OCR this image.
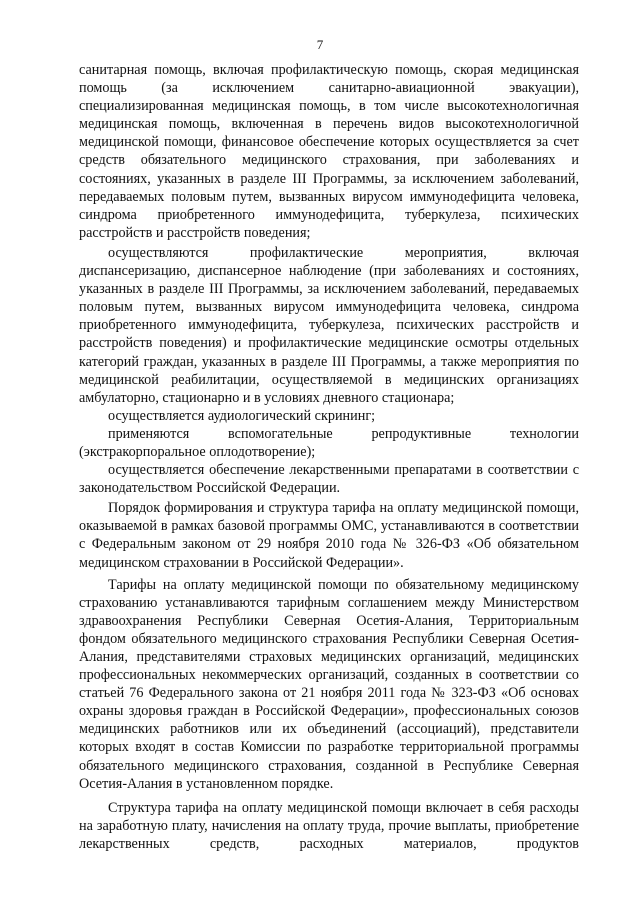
7

санитарная помощь, включая профилактическую помощь, скорая медицинская помощь (за исключением санитарно-авиационной эвакуации), специализированная медицинская помощь, в том числе высокотехнологичная медицинская помощь, включенная в перечень видов высокотехнологичной медицинской помощи, финансовое обеспечение которых осуществляется за счет средств обязательного медицинского страхования, при заболеваниях и состояниях, указанных в разделе III Программы, за исключением заболеваний, передаваемых половым путем, вызванных вирусом иммунодефицита человека, синдрома приобретенного иммунодефицита, туберкулеза, психических расстройств и расстройств поведения;

осуществляются профилактические мероприятия, включая диспансеризацию, диспансерное наблюдение (при заболеваниях и состояниях, указанных в разделе III Программы, за исключением заболеваний, передаваемых половым путем, вызванных вирусом иммунодефицита человека, синдрома приобретенного иммунодефицита, туберкулеза, психических расстройств и расстройств поведения) и профилактические медицинские осмотры отдельных категорий граждан, указанных в разделе III Программы, а также мероприятия по медицинской реабилитации, осуществляемой в медицинских организациях амбулаторно, стационарно и в условиях дневного стационара;

осуществляется аудиологический скрининг;

применяются вспомогательные репродуктивные технологии (экстракорпоральное оплодотворение);

осуществляется обеспечение лекарственными препаратами в соответствии с законодательством Российской Федерации.

Порядок формирования и структура тарифа на оплату медицинской помощи, оказываемой в рамках базовой программы ОМС, устанавливаются в соответствии с Федеральным законом от 29 ноября 2010 года № 326-ФЗ «Об обязательном медицинском страховании в Российской Федерации».

Тарифы на оплату медицинской помощи по обязательному медицинскому страхованию устанавливаются тарифным соглашением между Министерством здравоохранения Республики Северная Осетия-Алания, Территориальным фондом обязательного медицинского страхования Республики Северная Осетия-Алания, представителями страховых медицинских организаций, медицинских профессиональных некоммерческих организаций, созданных в соответствии со статьей 76 Федерального закона от 21 ноября 2011 года № 323-ФЗ «Об основах охраны здоровья граждан в Российской Федерации», профессиональных союзов медицинских работников или их объединений (ассоциаций), представители которых входят в состав Комиссии по разработке территориальной программы обязательного медицинского страхования, созданной в Республике Северная Осетия-Алания в установленном порядке.

Структура тарифа на оплату медицинской помощи включает в себя расходы на заработную плату, начисления на оплату труда, прочие выплаты, приобретение лекарственных средств, расходных материалов, продуктов
